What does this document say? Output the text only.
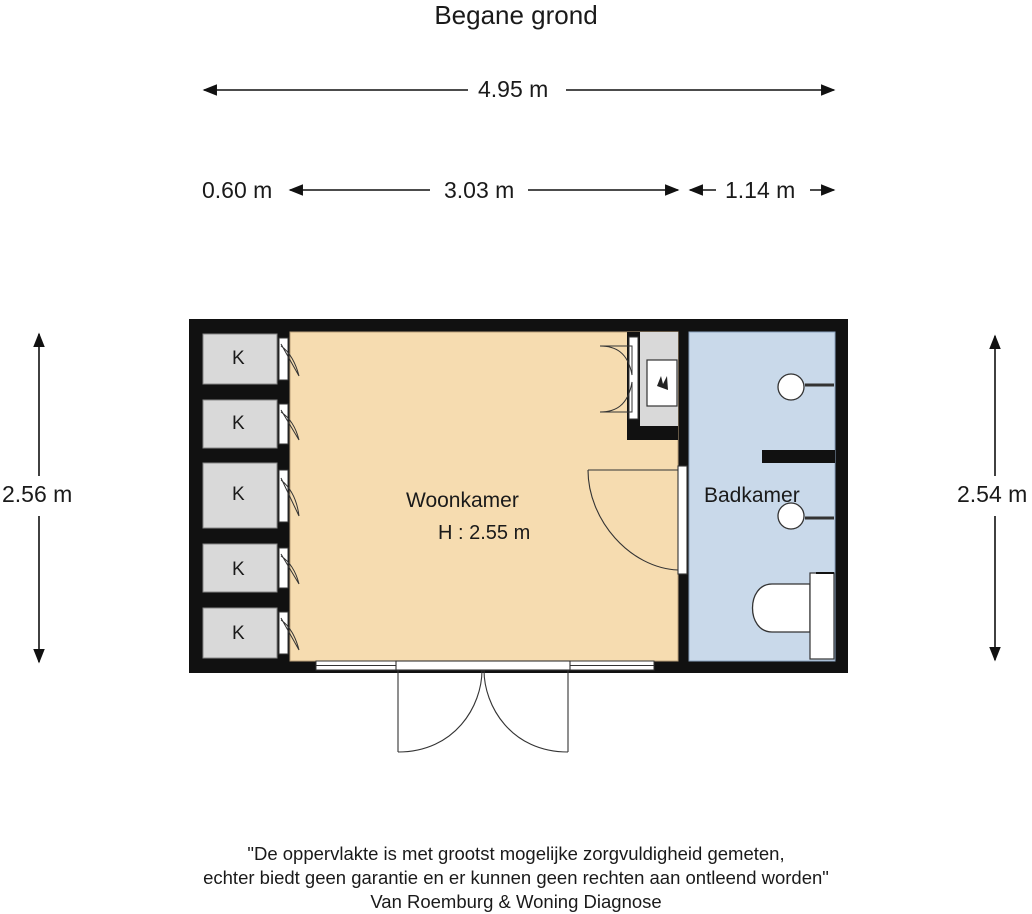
Begane grond
4.95 m
0.60 m	3.03 m	1.14 m
2.56 m	2.54 m
Woonkamer
H : 2.55 m
Badkamer
K
K
K
K
K
"De oppervlakte is met grootst mogelijke zorgvuldigheid gemeten,
echter biedt geen garantie en er kunnen geen rechten aan ontleend worden"
Van Roemburg & Woning Diagnose
